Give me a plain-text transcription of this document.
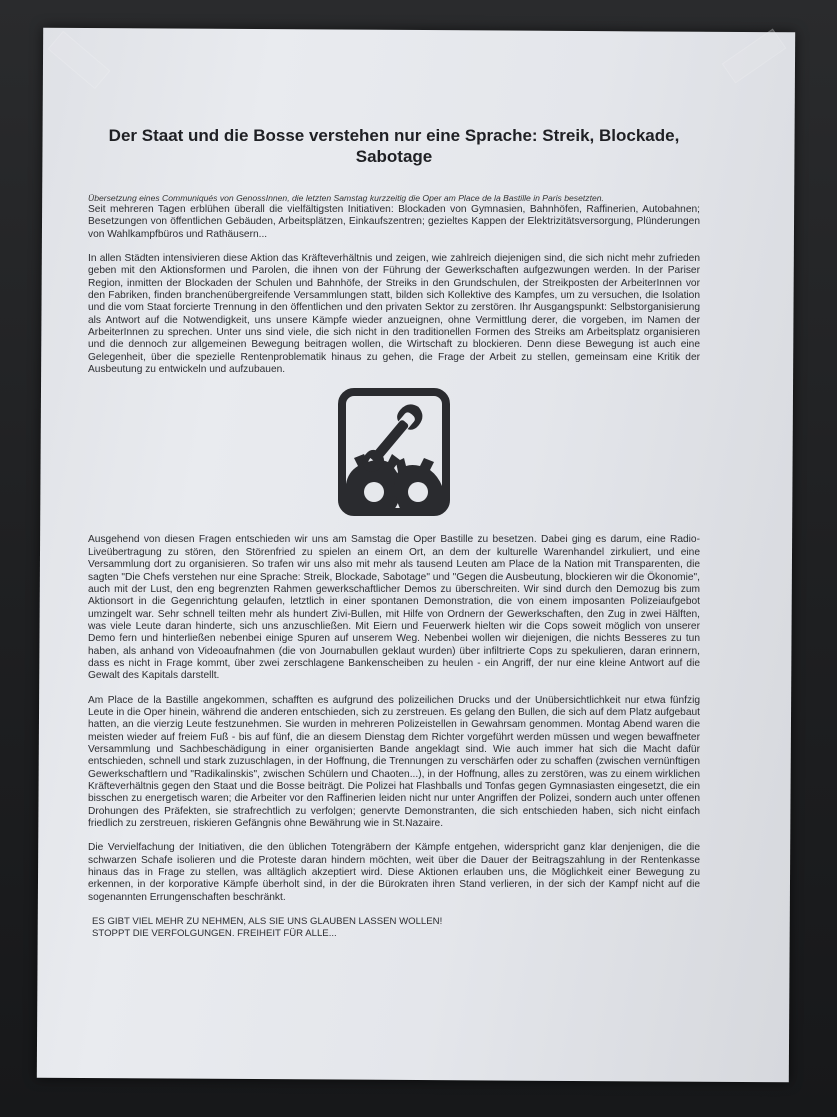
Der Staat und die Bosse verstehen nur eine Sprache: Streik, Blockade, Sabotage
Übersetzung eines Communiqués von GenossInnen, die letzten Samstag kurzzeitig die Oper am Place de la Bastille in Paris besetzten.

Seit mehreren Tagen erblühen überall die vielfältigsten Initiativen: Blockaden von Gymnasien, Bahnhöfen, Raffinerien, Autobahnen; Besetzungen von öffentlichen Gebäuden, Arbeitsplätzen, Einkaufszentren; gezieltes Kappen der Elektrizitätsversorgung, Plünderungen von Wahlkampfbüros und Rathäusern...

In allen Städten intensivieren diese Aktion das Kräfteverhältnis und zeigen, wie zahlreich diejenigen sind, die sich nicht mehr zufrieden geben mit den Aktionsformen und Parolen, die ihnen von der Führung der Gewerkschaften aufgezwungen werden. In der Pariser Region, inmitten der Blockaden der Schulen und Bahnhöfe, der Streiks in den Grundschulen, der Streikposten der ArbeiterInnen vor den Fabriken, finden branchenübergreifende Versammlungen statt, bilden sich Kollektive des Kampfes, um zu versuchen, die Isolation und die vom Staat forcierte Trennung in den öffentlichen und den privaten Sektor zu zerstören. Ihr Ausgangspunkt: Selbstorganisierung als Antwort auf die Notwendigkeit, uns unsere Kämpfe wieder anzueignen, ohne Vermittlung derer, die vorgeben, im Namen der ArbeiterInnen zu sprechen. Unter uns sind viele, die sich nicht in den traditionellen Formen des Streiks am Arbeitsplatz organisieren und die dennoch zur allgemeinen Bewegung beitragen wollen, die Wirtschaft zu blockieren. Denn diese Bewegung ist auch eine Gelegenheit, über die spezielle Rentenproblematik hinaus zu gehen, die Frage der Arbeit zu stellen, gemeinsam eine Kritik der Ausbeutung zu entwickeln und aufzubauen.

Ausgehend von diesen Fragen entschieden wir uns am Samstag die Oper Bastille zu besetzen. Dabei ging es darum, eine Radio-Liveübertragung zu stören, den Störenfried zu spielen an einem Ort, an dem der kulturelle Warenhandel zirkuliert, und eine Versammlung dort zu organisieren. So trafen wir uns also mit mehr als tausend Leuten am Place de la Nation mit Transparenten, die sagten "Die Chefs verstehen nur eine Sprache: Streik, Blockade, Sabotage" und "Gegen die Ausbeutung, blockieren wir die Ökonomie", auch mit der Lust, den eng begrenzten Rahmen gewerkschaftlicher Demos zu überschreiten. Wir sind durch den Demozug bis zum Aktionsort in die Gegenrichtung gelaufen, letztlich in einer spontanen Demonstration, die von einem imposanten Polizeiaufgebot umzingelt war. Sehr schnell teilten mehr als hundert Zivi-Bullen, mit Hilfe von Ordnern der Gewerkschaften, den Zug in zwei Hälften, was viele Leute daran hinderte, sich uns anzuschließen. Mit Eiern und Feuerwerk hielten wir die Cops soweit möglich von unserer Demo fern und hinterließen nebenbei einige Spuren auf unserem Weg. Nebenbei wollen wir diejenigen, die nichts Besseres zu tun haben, als anhand von Videoaufnahmen (die von Journabullen geklaut wurden) über infiltrierte Cops zu spekulieren, daran erinnern, dass es nicht in Frage kommt, über zwei zerschlagene Bankenscheiben zu heulen - ein Angriff, der nur eine kleine Antwort auf die Gewalt des Kapitals darstellt.

Am Place de la Bastille angekommen, schafften es aufgrund des polizeilichen Drucks und der Unübersichtlichkeit nur etwa fünfzig Leute in die Oper hinein, während die anderen entschieden, sich zu zerstreuen. Es gelang den Bullen, die sich auf dem Platz aufgebaut hatten, an die vierzig Leute festzunehmen. Sie wurden in mehreren Polizeistellen in Gewahrsam genommen. Montag Abend waren die meisten wieder auf freiem Fuß - bis auf fünf, die an diesem Dienstag dem Richter vorgeführt werden müssen und wegen bewaffneter Versammlung und Sachbeschädigung in einer organisierten Bande angeklagt sind. Wie auch immer hat sich die Macht dafür entschieden, schnell und stark zuzuschlagen, in der Hoffnung, die Trennungen zu verschärfen oder zu schaffen (zwischen vernünftigen Gewerkschaftlern und "Radikalinskis", zwischen Schülern und Chaoten...), in der Hoffnung, alles zu zerstören, was zu einem wirklichen Kräfteverhältnis gegen den Staat und die Bosse beiträgt. Die Polizei hat Flashballs und Tonfas gegen Gymnasiasten eingesetzt, die ein bisschen zu energetisch waren; die Arbeiter vor den Raffinerien leiden nicht nur unter Angriffen der Polizei, sondern auch unter offenen Drohungen des Präfekten, sie strafrechtlich zu verfolgen; genervte Demonstranten, die sich entschieden haben, sich nicht einfach friedlich zu zerstreuen, riskieren Gefängnis ohne Bewährung wie in St.Nazaire.

Die Vervielfachung der Initiativen, die den üblichen Totengräbern der Kämpfe entgehen, widerspricht ganz klar denjenigen, die die schwarzen Schafe isolieren und die Proteste daran hindern möchten, weit über die Dauer der Beitragszahlung in der Rentenkasse hinaus das in Frage zu stellen, was alltäglich akzeptiert wird. Diese Aktionen erlauben uns, die Möglichkeit einer Bewegung zu erkennen, in der korporative Kämpfe überholt sind, in der die Bürokraten ihren Stand verlieren, in der sich der Kampf nicht auf die sogenannten Errungenschaften beschränkt.

ES GIBT VIEL MEHR ZU NEHMEN, ALS SIE UNS GLAUBEN LASSEN WOLLEN!
STOPPT DIE VERFOLGUNGEN. FREIHEIT FÜR ALLE...
